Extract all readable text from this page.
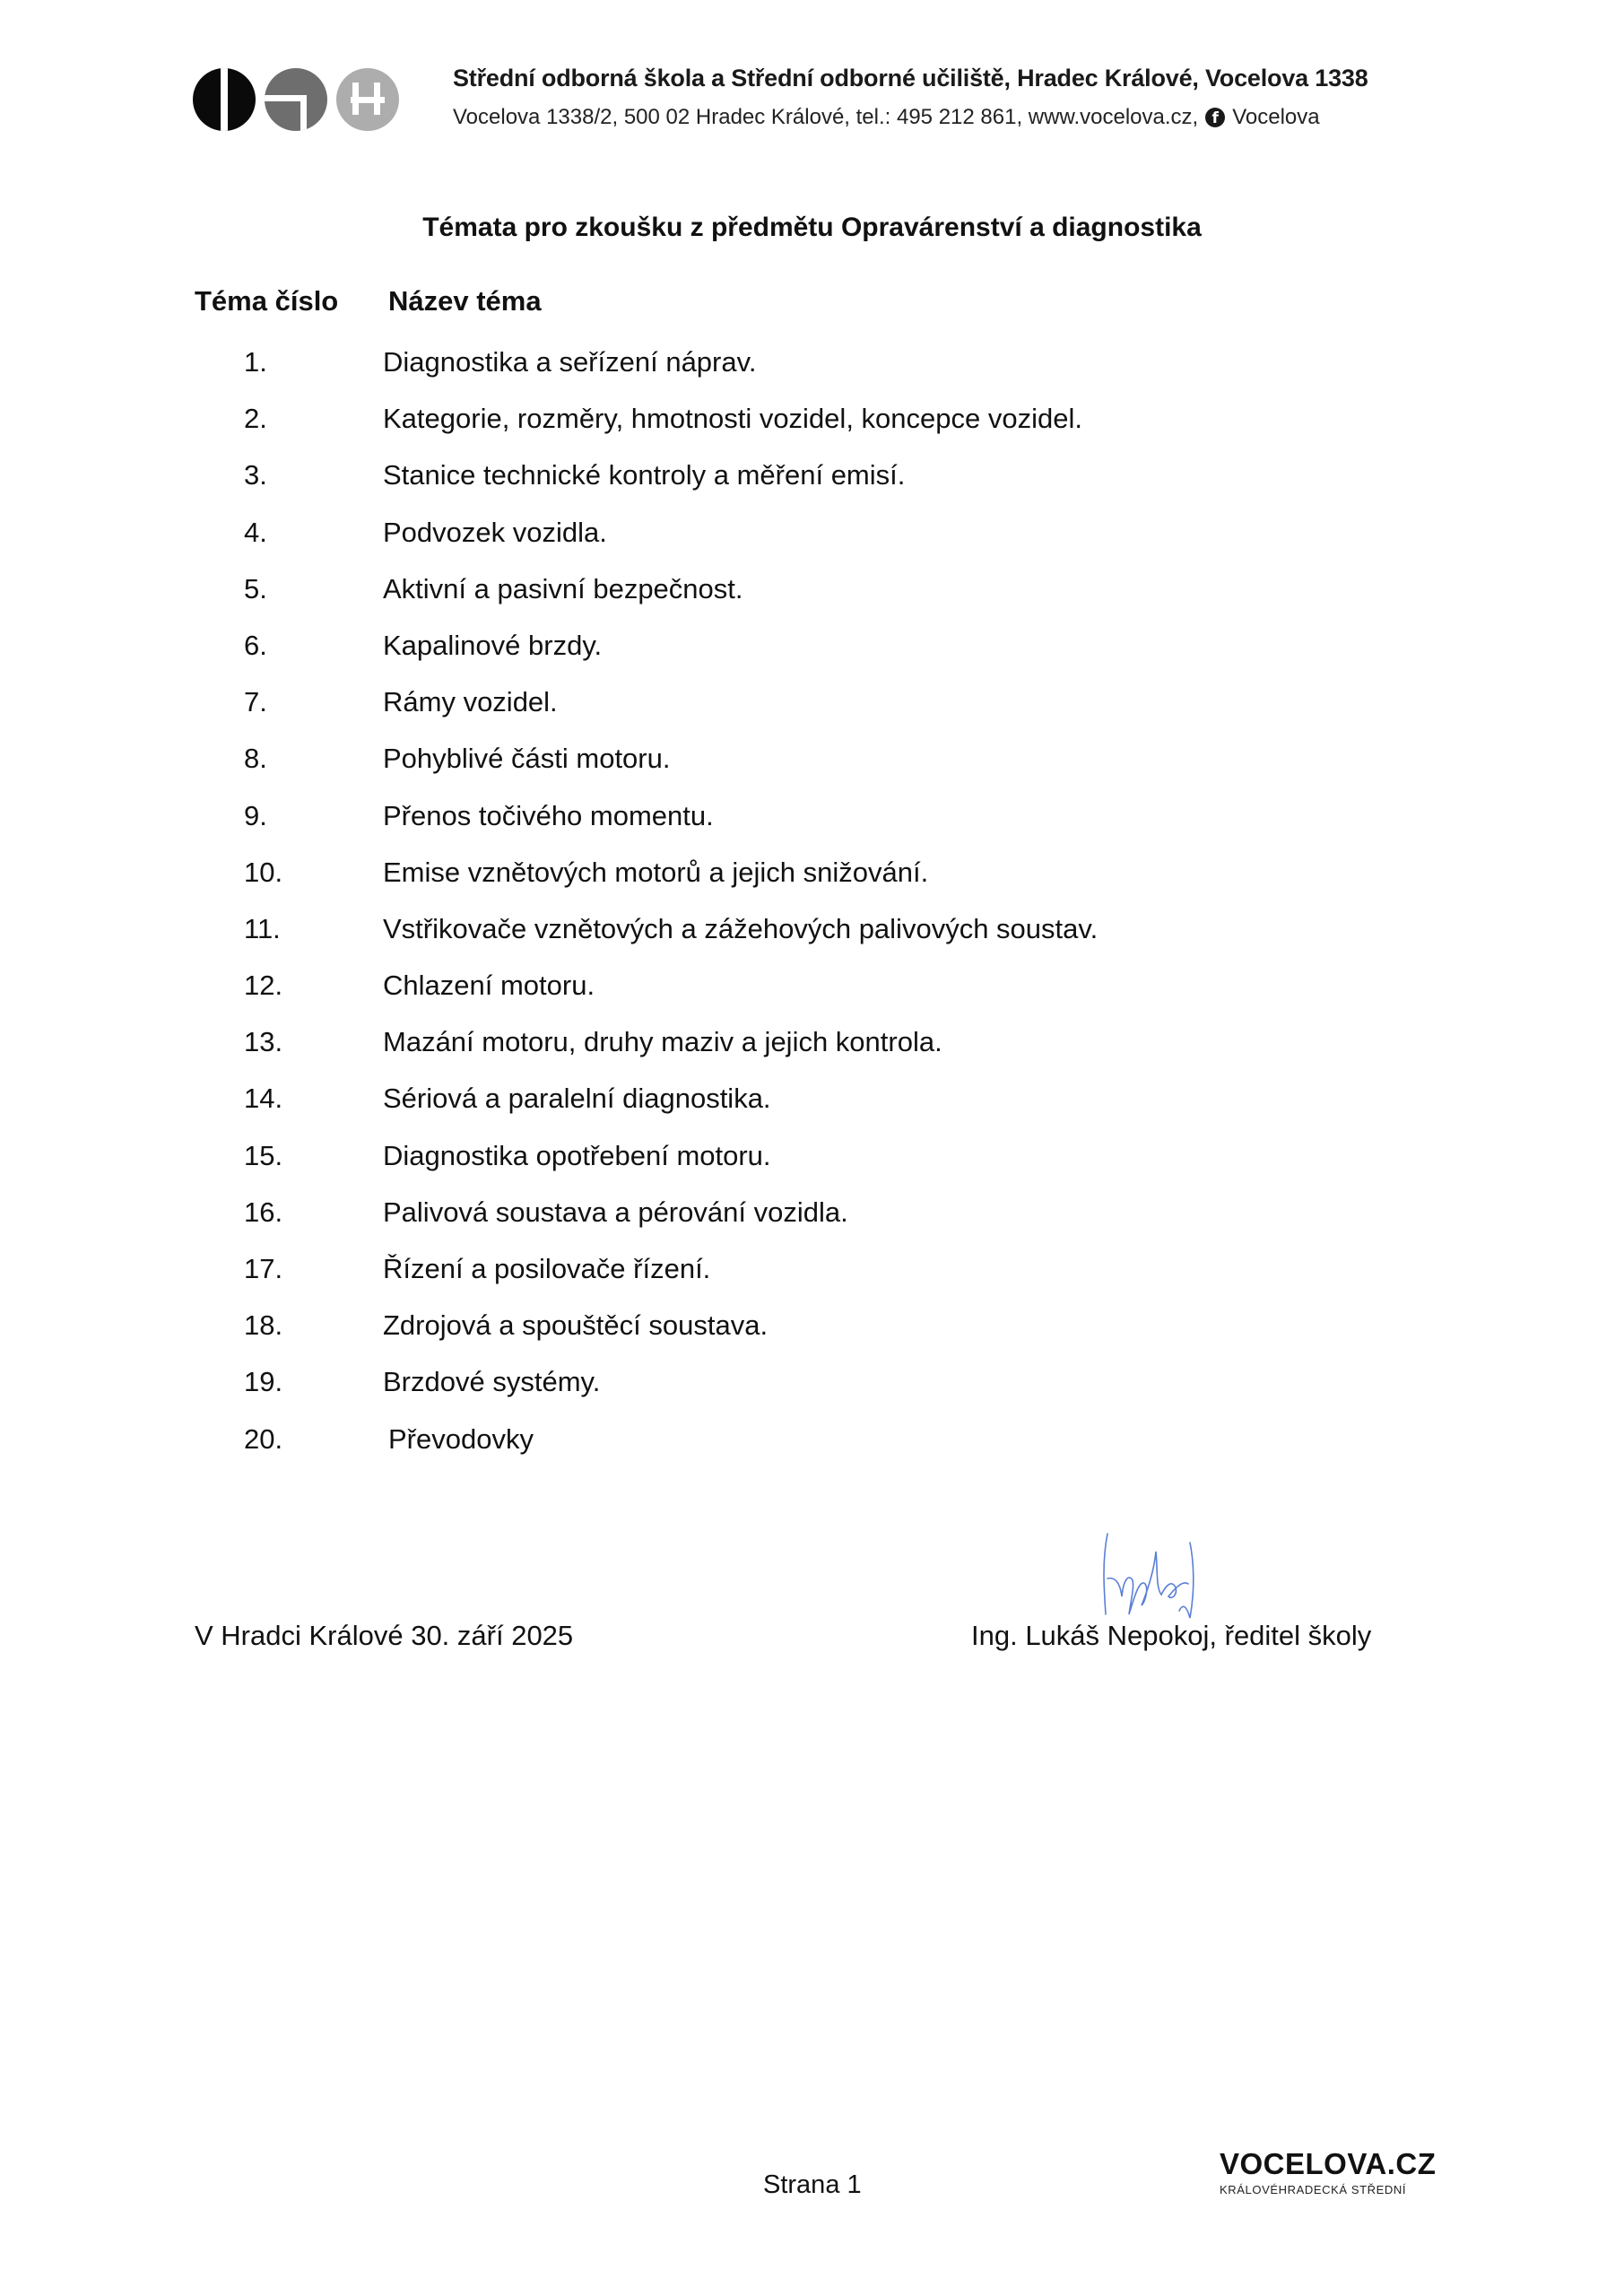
Střední odborná škola a Střední odborné učiliště, Hradec Králové, Vocelova 1338
Vocelova 1338/2, 500 02 Hradec Králové, tel.: 495 212 861, www.vocelova.cz, f Vocelova
Témata pro zkoušku z předmětu Opravárenství a diagnostika
Téma číslo Název téma
1.	Diagnostika a seřízení náprav.
2.	Kategorie, rozměry, hmotnosti vozidel, koncepce vozidel.
3.	Stanice technické kontroly a měření emisí.
4.	Podvozek vozidla.
5.	Aktivní a pasivní bezpečnost.
6.	Kapalinové brzdy.
7.	Rámy vozidel.
8.	Pohyblivé části motoru.
9.	Přenos točivého momentu.
10.	Emise vznětových motorů a jejich snižování.
11.	Vstřikovače vznětových a zážehových palivových soustav.
12.	Chlazení motoru.
13.	Mazání motoru, druhy maziv a jejich kontrola.
14.	Sériová a paralelní diagnostika.
15.	Diagnostika opotřebení motoru.
16.	Palivová soustava a pérování vozidla.
17.	Řízení a posilovače řízení.
18.	Zdrojová a spouštěcí soustava.
19.	Brzdové systémy.
20.	Převodovky
V Hradci Králové 30. září 2025	Ing. Lukáš Nepokoj, ředitel školy
Strana 1
VOCELOVA.CZ
KRÁLOVÉHRADECKÁ STŘEDNÍ
